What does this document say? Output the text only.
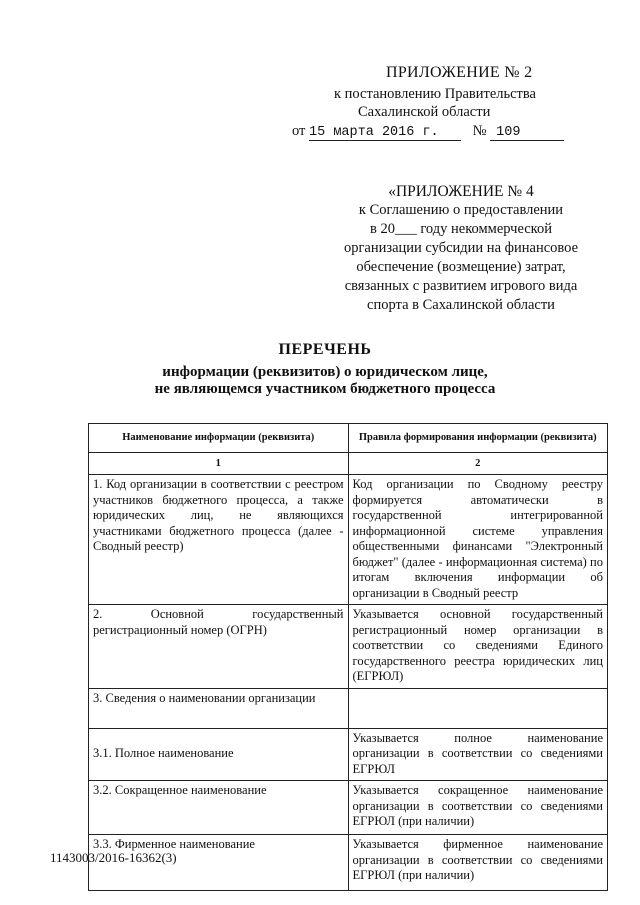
ПРИЛОЖЕНИЕ № 2
к постановлению Правительства
Сахалинской области
от 15 марта 2016 г. № 109

«ПРИЛОЖЕНИЕ № 4

к Соглашению о предоставлении

в 20___ году некоммерческой организации субсидии на финансовое обеспечение (возмещение) затрат, связанных с развитием игрового вида спорта в Сахалинской области

ПЕРЕЧЕНЬ
информации (реквизитов) о юридическом лице,
не являющемся участником бюджетного процесса
Наименование информации (реквизита)	Правила формирования информации (реквизита)
1	2
1. Код организации в соответствии с реестром участников бюджетного процесса, а также юридических лиц, не являющихся участниками бюджетного процесса (далее - Сводный реестр)	Код организации по Сводному реестру формируется автоматически в государственной интегрированной информационной системе управления общественными финансами "Электронный бюджет" (далее - информационная система) по итогам включения информации об организации в Сводный реестр
2. Основной государственный регистрационный номер (ОГРН)	Указывается основной государственный регистрационный номер организации в соответствии со сведениями Единого государственного реестра юридических лиц (ЕГРЮЛ)
3. Сведения о наименовании организации	
3.1. Полное наименование	Указывается полное наименование организации в соответствии со сведениями ЕГРЮЛ
3.2. Сокращенное наименование	Указывается сокращенное наименование организации в соответствии со сведениями ЕГРЮЛ (при наличии)
3.3. Фирменное наименование	Указывается фирменное наименование организации в соответствии со сведениями ЕГРЮЛ (при наличии)
1143003/2016-16362(3)
